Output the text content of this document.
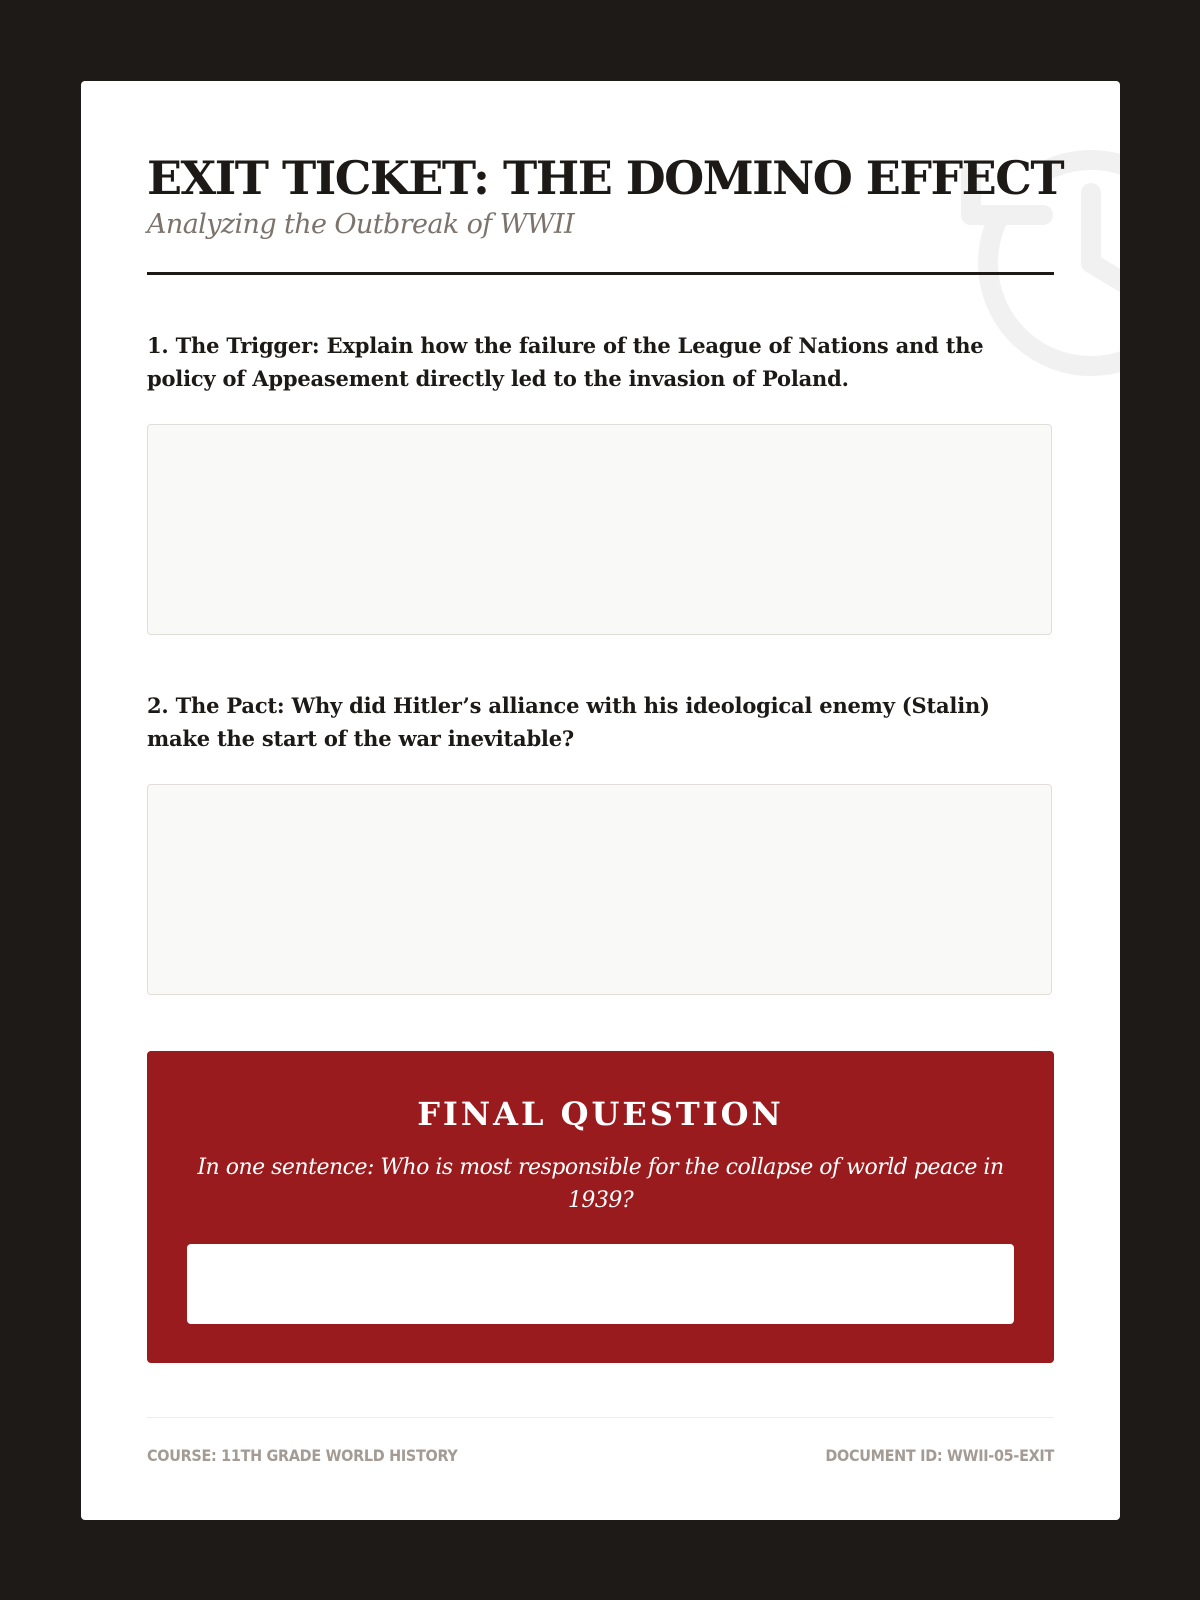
EXIT TICKET: THE DOMINO EFFECT
Analyzing the Outbreak of WWII

1. The Trigger: Explain how the failure of the League of Nations and the policy of Appeasement directly led to the invasion of Poland.

2. The Pact: Why did Hitler’s alliance with his ideological enemy (Stalin) make the start of the war inevitable?

FINAL QUESTION
In one sentence: Who is most responsible for the collapse of world peace in 1939?
COURSE: 11TH GRADE WORLD HISTORY	DOCUMENT ID: WWII-05-EXIT
